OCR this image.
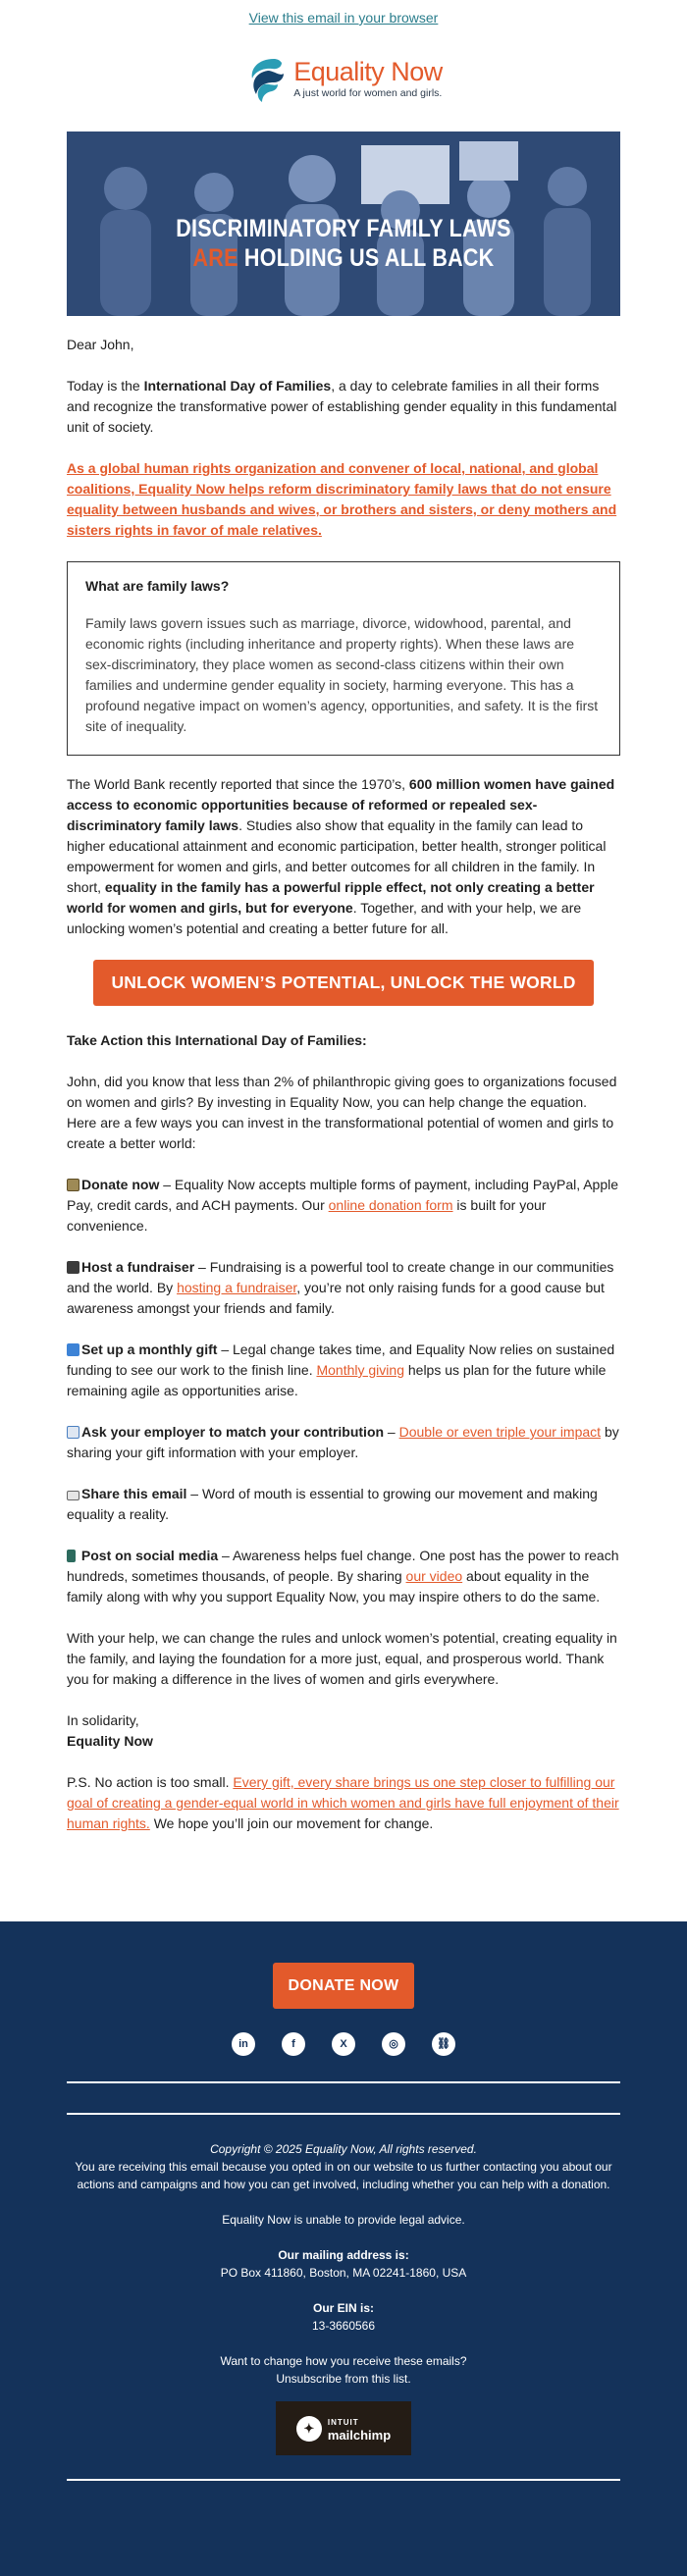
View this email in your browser
Equality Now
A just world for women and girls.
DISCRIMINATORY FAMILY LAWS
ARE HOLDING US ALL BACK

Dear John,

Today is the International Day of Families, a day to celebrate families in all their forms and recognize the transformative power of establishing gender equality in this fundamental unit of society.

As a global human rights organization and convener of local, national, and global coalitions, Equality Now helps reform discriminatory family laws that do not ensure equality between husbands and wives, or brothers and sisters, or deny mothers and sisters rights in favor of male relatives.

What are family laws?

Family laws govern issues such as marriage, divorce, widowhood, parental, and economic rights (including inheritance and property rights). When these laws are sex-discriminatory, they place women as second-class citizens within their own families and undermine gender equality in society, harming everyone. This has a profound negative impact on women’s agency, opportunities, and safety. It is the first site of inequality.

The World Bank recently reported that since the 1970’s, 600 million women have gained access to economic opportunities because of reformed or repealed sex-discriminatory family laws. Studies also show that equality in the family can lead to higher educational attainment and economic participation, better health, stronger political empowerment for women and girls, and better outcomes for all children in the family. In short, equality in the family has a powerful ripple effect, not only creating a better world for women and girls, but for everyone. Together, and with your help, we are unlocking women’s potential and creating a better future for all.

UNLOCK WOMEN’S POTENTIAL, UNLOCK THE WORLD

Take Action this International Day of Families:

John, did you know that less than 2% of philanthropic giving goes to organizations focused on women and girls? By investing in Equality Now, you can help change the equation. Here are a few ways you can invest in the transformational potential of women and girls to create a better world:

Donate now – Equality Now accepts multiple forms of payment, including PayPal, Apple Pay, credit cards, and ACH payments. Our online donation form is built for your convenience.

Host a fundraiser – Fundraising is a powerful tool to create change in our communities and the world. By hosting a fundraiser, you’re not only raising funds for a good cause but awareness amongst your friends and family.

Set up a monthly gift – Legal change takes time, and Equality Now relies on sustained funding to see our work to the finish line. Monthly giving helps us plan for the future while remaining agile as opportunities arise.

Ask your employer to match your contribution – Double or even triple your impact by sharing your gift information with your employer.

Share this email – Word of mouth is essential to growing our movement and making equality a reality.

Post on social media – Awareness helps fuel change. One post has the power to reach hundreds, sometimes thousands, of people. By sharing our video about equality in the family along with why you support Equality Now, you may inspire others to do the same.

With your help, we can change the rules and unlock women’s potential, creating equality in the family, and laying the foundation for a more just, equal, and prosperous world. Thank you for making a difference in the lives of women and girls everywhere.

In solidarity,
Equality Now

P.S. No action is too small. Every gift, every share brings us one step closer to fulfilling our goal of creating a gender-equal world in which women and girls have full enjoyment of their human rights. We hope you’ll join our movement for change.

DONATE NOW
in	f	X	◎	⛓
Copyright © 2025 Equality Now, All rights reserved.
You are receiving this email because you opted in on our website to us further contacting you about our actions and campaigns and how you can get involved, including whether you can help with a donation.
Equality Now is unable to provide legal advice.
Our mailing address is:
PO Box 411860, Boston, MA 02241-1860, USA
Our EIN is:
13-3660566
Want to change how you receive these emails?
Unsubscribe from this list.
✦	INTUIT
mailchimp
